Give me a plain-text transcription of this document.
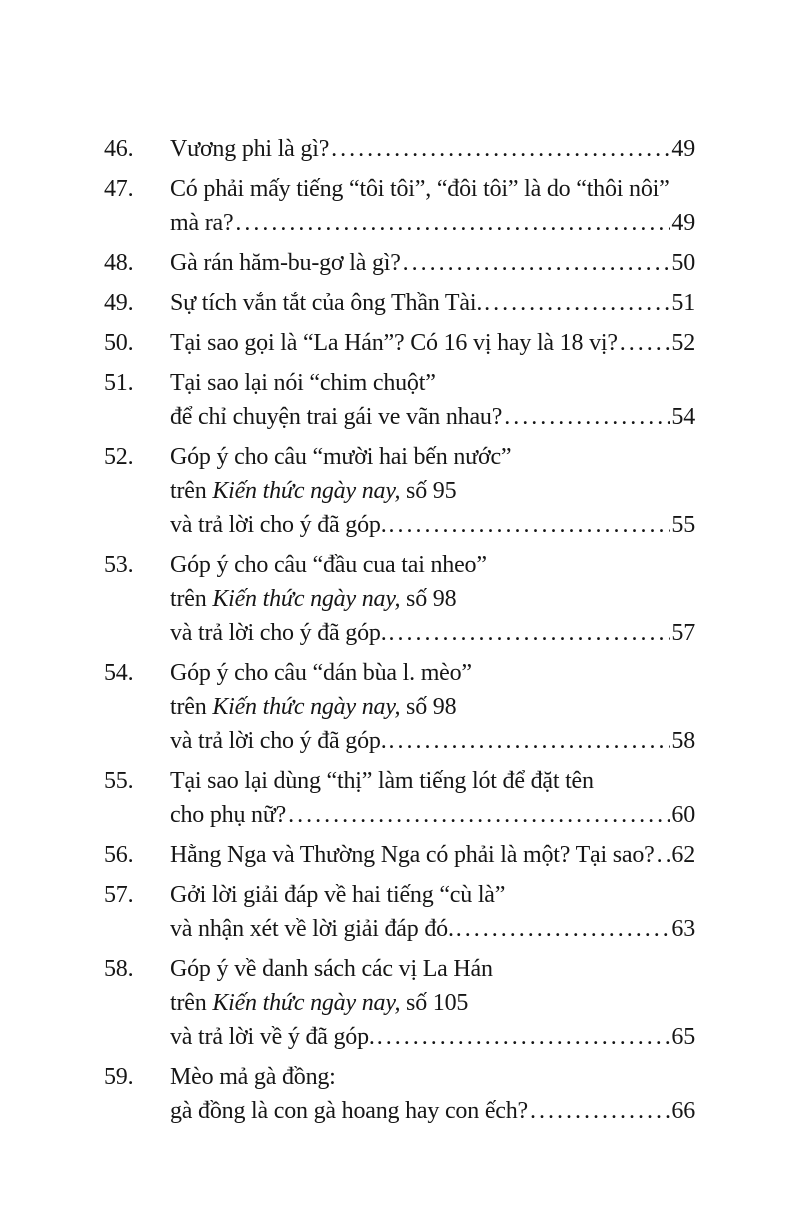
46.	Vương phi là gì? .....	49
47.	Có phải mấy tiếng “tôi tôi”, “đôi tôi” là do “thôi nôi”
mà ra? .....	49
48.	Gà rán hăm-bu-gơ là gì? .....	50
49.	Sự tích vắn tắt của ông Thần Tài. .....	51
50.	Tại sao gọi là “La Hán”? Có 16 vị hay là 18 vị? ..... 52
51.	Tại sao lại nói “chim chuột”
để chỉ chuyện trai gái ve vãn nhau? .....	54
52.	Góp ý cho câu “mười hai bến nước”
trên Kiến thức ngày nay, số 95
và trả lời cho ý đã góp. .....	55
53.	Góp ý cho câu “đầu cua tai nheo”
trên Kiến thức ngày nay, số 98
và trả lời cho ý đã góp. .....	57
54.	Góp ý cho câu “dán bùa l. mèo”
trên Kiến thức ngày nay, số 98
và trả lời cho ý đã góp. .....	58
55.	Tại sao lại dùng “thị” làm tiếng lót để đặt tên
cho phụ nữ? .....	60
56.	Hằng Nga và Thường Nga có phải là một? Tại sao? ..... 62
57.	Gởi lời giải đáp về hai tiếng “cù là”
và nhận xét về lời giải đáp đó. .....	63
58.	Góp ý về danh sách các vị La Hán
trên Kiến thức ngày nay, số 105
và trả lời về ý đã góp. .....	65
59.	Mèo mả gà đồng:
gà đồng là con gà hoang hay con ếch? .....	66
